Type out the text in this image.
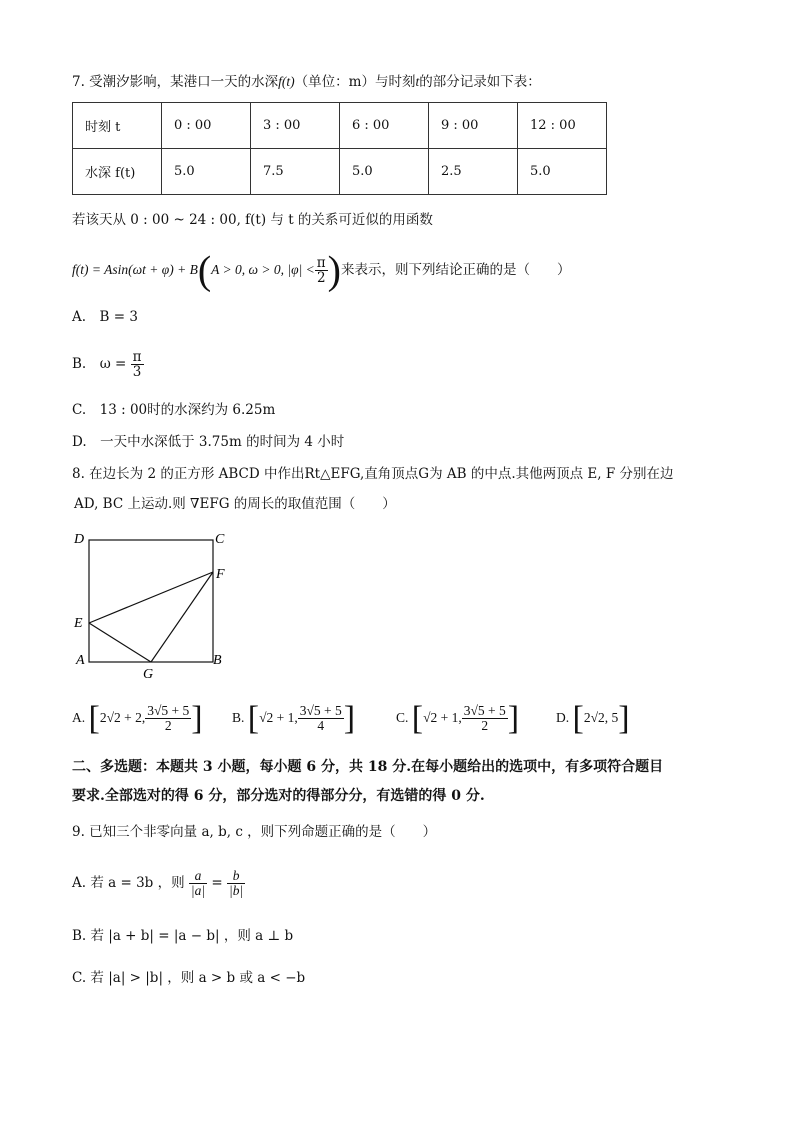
7. 受潮汐影响，某港口一天的水深f(t)（单位：m）与时刻t的部分记录如下表：
时刻 t	0 : 00	3 : 00	6 : 00	9 : 00	12 : 00
水深 f(t)	5.0	7.5	5.0	2.5	5.0
若该天从 0 : 00 ~ 24 : 00, f(t) 与 t 的关系可近似的用函数
f(t) = Asin(ωt + φ) + B(A > 0, ω > 0, $|\varphi| < \frac{\pi}{2}$ )来表示，则下列结论正确的是（　　）
A.　B = 3
B.　$\omega = \frac{\pi}{3}$
C.　13 : 00时的水深约为 6.25m
D.　一天中水深低于 3.75m 的时间为 4 小时
8. 在边长为 2 的正方形 ABCD 中作出Rt△EFG,直角顶点G为 AB 的中点.其他两顶点 E, F 分别在边
AD, BC 上运动.则 ∇EFG 的周长的取值范围（　　）
D	C
F
E
A	B
G
A. [2√2 + 2, $\frac{3√5 + 5}{2}$ ] B. [√2 + 1, $\frac{3√5 + 5}{4}$ ]	C. [√2 + 1, $\frac{3√5 + 5}{2}$ ]	D. [2√2, 5]
二、多选题：本题共 3 小题，每小题 6 分，共 18 分.在每小题给出的选项中，有多项符合题目
要求.全部选对的得 6 分，部分选对的得部分分，有选错的得 0 分.
9. 已知三个非零向量 a, b, c ，则下列命题正确的是（　　）
A. 若 a = 3b ，则 $\frac{a}{|a|} = \frac{b}{|b|}$
B. 若 |a + b| = |a − b| ，则 a ⊥ b
C. 若 |a| > |b| ，则 a > b 或 a < −b
